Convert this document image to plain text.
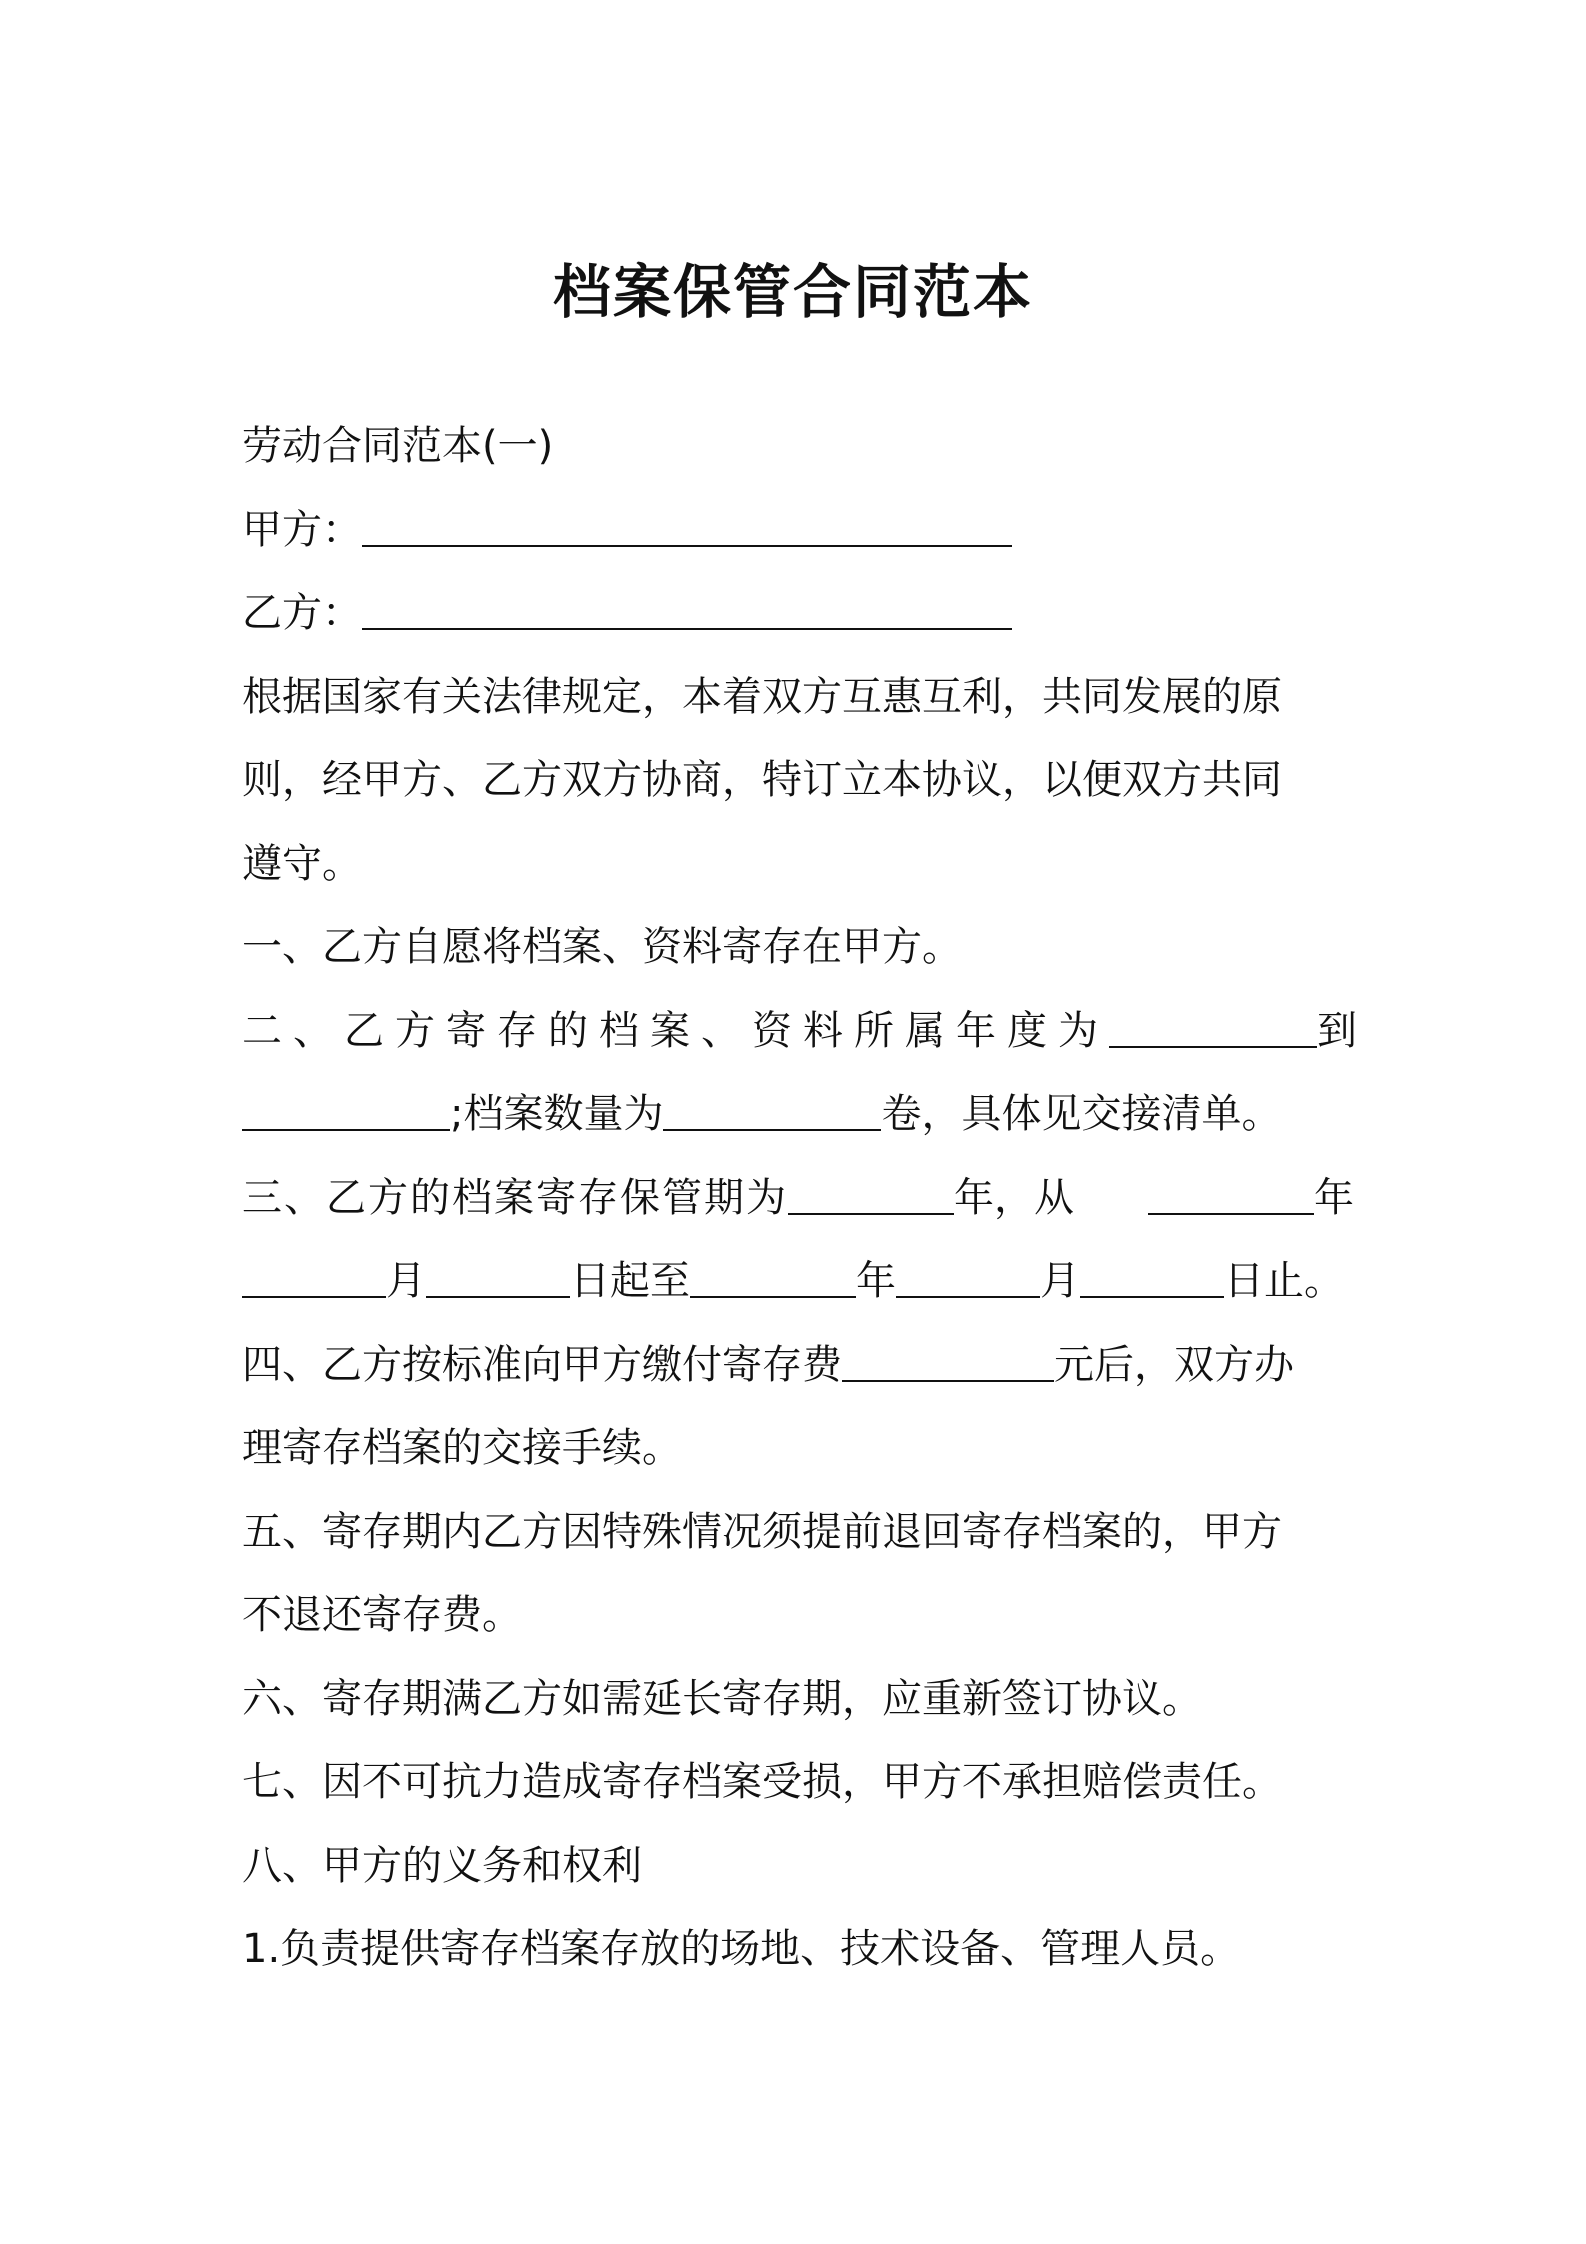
档案保管合同范本
劳动合同范本(一)
甲方：
乙方：
根据国家有关法律规定，本着双方互惠互利，共同发展的原
则，经甲方、乙方双方协商，特订立本协议，以便双方共同
遵守。
一、乙方自愿将档案、资料寄存在甲方。
二、乙方寄存的档案、资料所属年度为	到
;档案数量为	卷，具体见交接清单。
三、乙方的档案寄存保管期为	年，从	年
月	日起至	年	月	日止。
四、乙方按标准向甲方缴付寄存费	元后，双方办
理寄存档案的交接手续。
五、寄存期内乙方因特殊情况须提前退回寄存档案的，甲方
不退还寄存费。
六、寄存期满乙方如需延长寄存期，应重新签订协议。
七、因不可抗力造成寄存档案受损，甲方不承担赔偿责任。
八、甲方的义务和权利
1.负责提供寄存档案存放的场地、技术设备、管理人员。
